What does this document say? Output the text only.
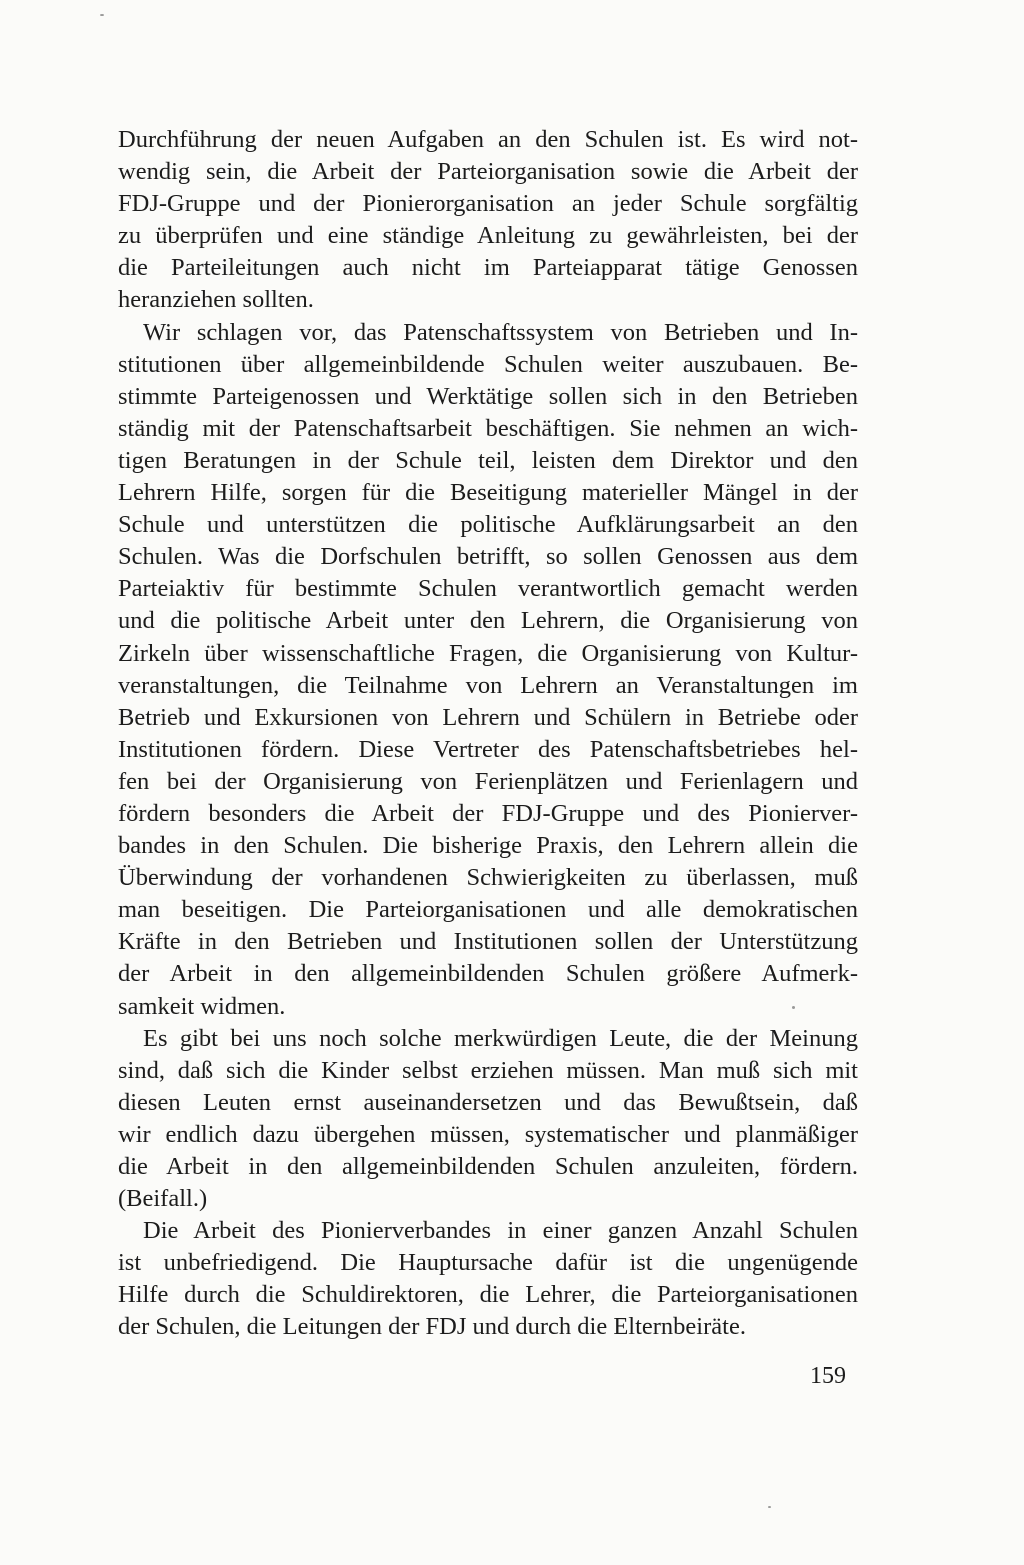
Durchführung der neuen Aufgaben an den Schulen ist. Es wird not-
wendig sein, die Arbeit der Parteiorganisation sowie die Arbeit der
FDJ-Gruppe und der Pionierorganisation an jeder Schule sorgfältig
zu überprüfen und eine ständige Anleitung zu gewährleisten, bei der
die Parteileitungen auch nicht im Parteiapparat tätige Genossen
heranziehen sollten.
Wir schlagen vor, das Patenschaftssystem von Betrieben und In-
stitutionen über allgemeinbildende Schulen weiter auszubauen. Be-
stimmte Parteigenossen und Werktätige sollen sich in den Betrieben
ständig mit der Patenschaftsarbeit beschäftigen. Sie nehmen an wich-
tigen Beratungen in der Schule teil, leisten dem Direktor und den
Lehrern Hilfe, sorgen für die Beseitigung materieller Mängel in der
Schule und unterstützen die politische Aufklärungsarbeit an den
Schulen. Was die Dorfschulen betrifft, so sollen Genossen aus dem
Parteiaktiv für bestimmte Schulen verantwortlich gemacht werden
und die politische Arbeit unter den Lehrern, die Organisierung von
Zirkeln über wissenschaftliche Fragen, die Organisierung von Kultur-
veranstaltungen, die Teilnahme von Lehrern an Veranstaltungen im
Betrieb und Exkursionen von Lehrern und Schülern in Betriebe oder
Institutionen fördern. Diese Vertreter des Patenschaftsbetriebes hel-
fen bei der Organisierung von Ferienplätzen und Ferienlagern und
fördern besonders die Arbeit der FDJ-Gruppe und des Pionierver-
bandes in den Schulen. Die bisherige Praxis, den Lehrern allein die
Überwindung der vorhandenen Schwierigkeiten zu überlassen, muß
man beseitigen. Die Parteiorganisationen und alle demokratischen
Kräfte in den Betrieben und Institutionen sollen der Unterstützung
der Arbeit in den allgemeinbildenden Schulen größere Aufmerk-
samkeit widmen.
Es gibt bei uns noch solche merkwürdigen Leute, die der Meinung
sind, daß sich die Kinder selbst erziehen müssen. Man muß sich mit
diesen Leuten ernst auseinandersetzen und das Bewußtsein, daß
wir endlich dazu übergehen müssen, systematischer und planmäßiger
die Arbeit in den allgemeinbildenden Schulen anzuleiten, fördern.
(Beifall.)
Die Arbeit des Pionierverbandes in einer ganzen Anzahl Schulen
ist unbefriedigend. Die Hauptursache dafür ist die ungenügende
Hilfe durch die Schuldirektoren, die Lehrer, die Parteiorganisationen
der Schulen, die Leitungen der FDJ und durch die Elternbeiräte.
159
